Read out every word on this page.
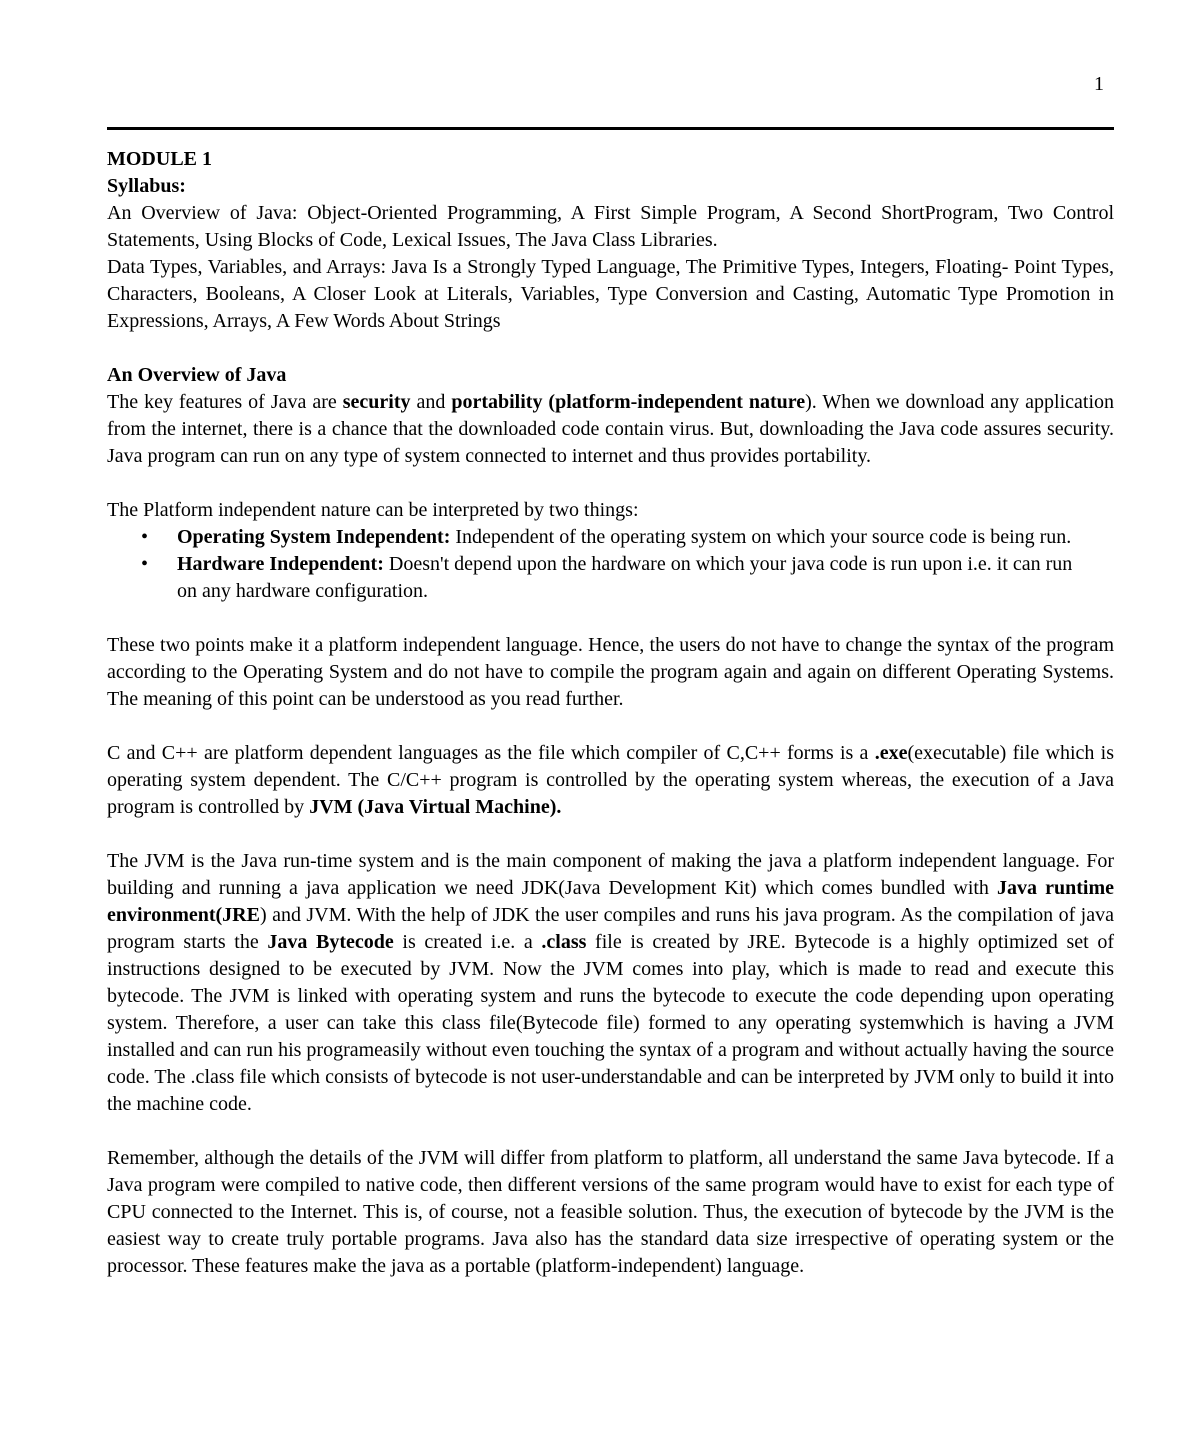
1

MODULE 1

Syllabus:

An Overview of Java: Object-Oriented Programming, A First Simple Program, A Second ShortProgram, Two Control Statements, Using Blocks of Code, Lexical Issues, The Java Class Libraries.

Data Types, Variables, and Arrays: Java Is a Strongly Typed Language, The Primitive Types, Integers, Floating- Point Types, Characters, Booleans, A Closer Look at Literals, Variables, Type Conversion and Casting, Automatic Type Promotion in Expressions, Arrays, A Few Words About Strings

An Overview of Java

The key features of Java are security and portability (platform-independent nature). When we download any application from the internet, there is a chance that the downloaded code contain virus. But, downloading the Java code assures security. Java program can run on any type of system connected to internet and thus provides portability.

The Platform independent nature can be interpreted by two things:

• Operating System Independent: Independent of the operating system on which your source code is being run.
• Hardware Independent: Doesn't depend upon the hardware on which your java code is run upon i.e. it can run on any hardware configuration.

These two points make it a platform independent language. Hence, the users do not have to change the syntax of the program according to the Operating System and do not have to compile the program again and again on different Operating Systems. The meaning of this point can be understood as you read further.

C and C++ are platform dependent languages as the file which compiler of C,C++ forms is a .exe(executable) file which is operating system dependent. The C/C++ program is controlled by the operating system whereas, the execution of a Java program is controlled by JVM (Java Virtual Machine).

The JVM is the Java run-time system and is the main component of making the java a platform independent language. For building and running a java application we need JDK(Java Development Kit) which comes bundled with Java runtime environment(JRE) and JVM. With the help of JDK the user compiles and runs his java program. As the compilation of java program starts the Java Bytecode is created i.e. a .class file is created by JRE. Bytecode is a highly optimized set of instructions designed to be executed by JVM. Now the JVM comes into play, which is made to read and execute this bytecode. The JVM is linked with operating system and runs the bytecode to execute the code depending upon operating system. Therefore, a user can take this class file(Bytecode file) formed to any operating systemwhich is having a JVM installed and can run his programeasily without even touching the syntax of a program and without actually having the source code. The .class file which consists of bytecode is not user-understandable and can be interpreted by JVM only to build it into the machine code.

Remember, although the details of the JVM will differ from platform to platform, all understand the same Java bytecode. If a Java program were compiled to native code, then different versions of the same program would have to exist for each type of CPU connected to the Internet. This is, of course, not a feasible solution. Thus, the execution of bytecode by the JVM is the easiest way to create truly portable programs. Java also has the standard data size irrespective of operating system or the processor. These features make the java as a portable (platform-independent) language.
